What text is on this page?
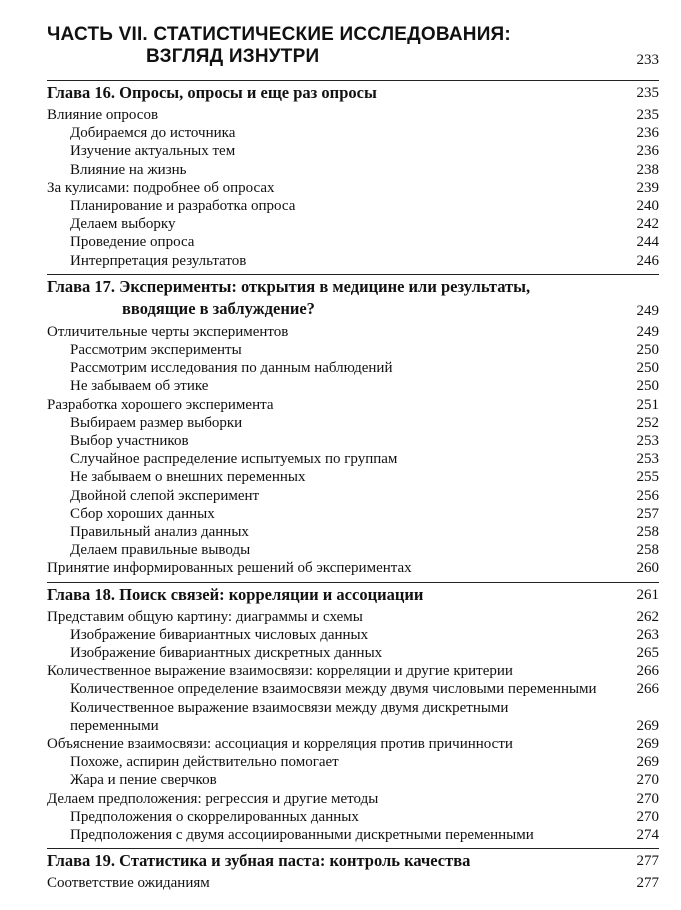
ЧАСТЬ VII. СТАТИСТИЧЕСКИЕ ИССЛЕДОВАНИЯ:
ВЗГЛЯД ИЗНУТРИ	233
Глава 16. Опросы, опросы и еще раз опросы	235
Влияние опросов	235
Добираемся до источника	236
Изучение актуальных тем	236
Влияние на жизнь	238
За кулисами: подробнее об опросах	239
Планирование и разработка опроса	240
Делаем выборку	242
Проведение опроса	244
Интерпретация результатов	246
Глава 17. Эксперименты: открытия в медицине или результаты,
вводящие в заблуждение?	249
Отличительные черты экспериментов	249
Рассмотрим эксперименты	250
Рассмотрим исследования по данным наблюдений	250
Не забываем об этике	250
Разработка хорошего эксперимента	251
Выбираем размер выборки	252
Выбор участников	253
Случайное распределение испытуемых по группам	253
Не забываем о внешних переменных	255
Двойной слепой эксперимент	256
Сбор хороших данных	257
Правильный анализ данных	258
Делаем правильные выводы	258
Принятие информированных решений об экспериментах	260
Глава 18. Поиск связей: корреляции и ассоциации	261
Представим общую картину: диаграммы и схемы	262
Изображение бивариантных числовых данных	263
Изображение бивариантных дискретных данных	265
Количественное выражение взаимосвязи: корреляции и другие критерии	266
Количественное определение взаимосвязи между двумя числовыми переменными	266
Количественное выражение взаимосвязи между двумя дискретными
переменными	269
Объяснение взаимосвязи: ассоциация и корреляция против причинности	269
Похоже, аспирин действительно помогает	269
Жара и пение сверчков	270
Делаем предположения: регрессия и другие методы	270
Предположения о скоррелированных данных	270
Предположения с двумя ассоциированными дискретными переменными	274
Глава 19. Статистика и зубная паста: контроль качества	277
Соответствие ожиданиям	277
